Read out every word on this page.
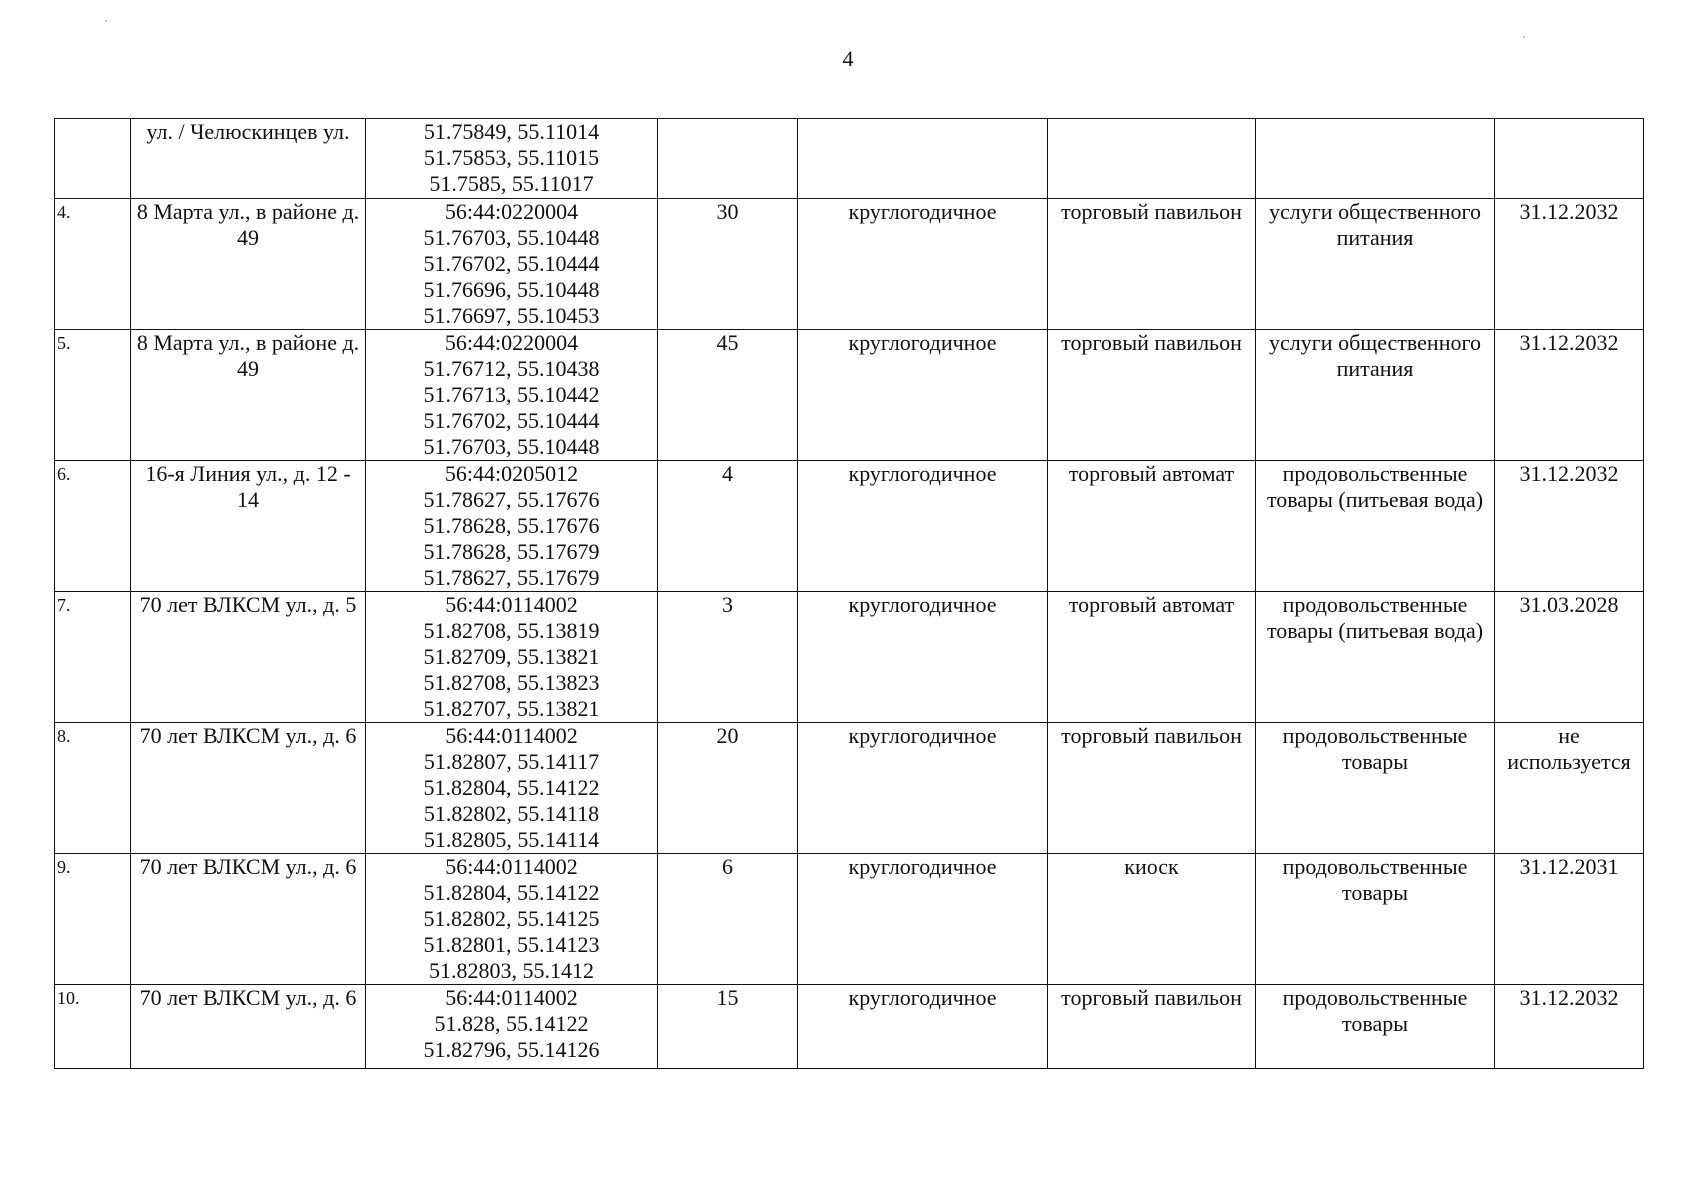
4
	ул. / Челюскинцев ул.	51.75849, 55.11014
51.75853, 55.11015
51.7585, 55.11017					

4.	8 Марта ул., в районе д. 49	56:44:0220004
51.76703, 55.10448
51.76702, 55.10444
51.76696, 55.10448
51.76697, 55.10453	30	круглогодичное	торговый павильон	услуги общественного питания	31.12.2032
5.	8 Марта ул., в районе д. 49	56:44:0220004
51.76712, 55.10438
51.76713, 55.10442
51.76702, 55.10444
51.76703, 55.10448	45	круглогодичное	торговый павильон	услуги общественного питания	31.12.2032
6.	16-я Линия ул., д. 12 - 14	56:44:0205012
51.78627, 55.17676
51.78628, 55.17676
51.78628, 55.17679
51.78627, 55.17679	4	круглогодичное	торговый автомат	продовольственные товары (питьевая вода)	31.12.2032
7.	70 лет ВЛКСМ ул., д. 5	56:44:0114002
51.82708, 55.13819
51.82709, 55.13821
51.82708, 55.13823
51.82707, 55.13821	3	круглогодичное	торговый автомат	продовольственные товары (питьевая вода)	31.03.2028
8.	70 лет ВЛКСМ ул., д. 6	56:44:0114002
51.82807, 55.14117
51.82804, 55.14122
51.82802, 55.14118
51.82805, 55.14114	20	круглогодичное	торговый павильон	продовольственные товары	не используется
9.	70 лет ВЛКСМ ул., д. 6	56:44:0114002
51.82804, 55.14122
51.82802, 55.14125
51.82801, 55.14123
51.82803, 55.1412	6	круглогодичное	киоск	продовольственные товары	31.12.2031
10.	70 лет ВЛКСМ ул., д. 6	56:44:0114002
51.828, 55.14122
51.82796, 55.14126	15	круглогодичное	торговый павильон	продовольственные товары	31.12.2032
